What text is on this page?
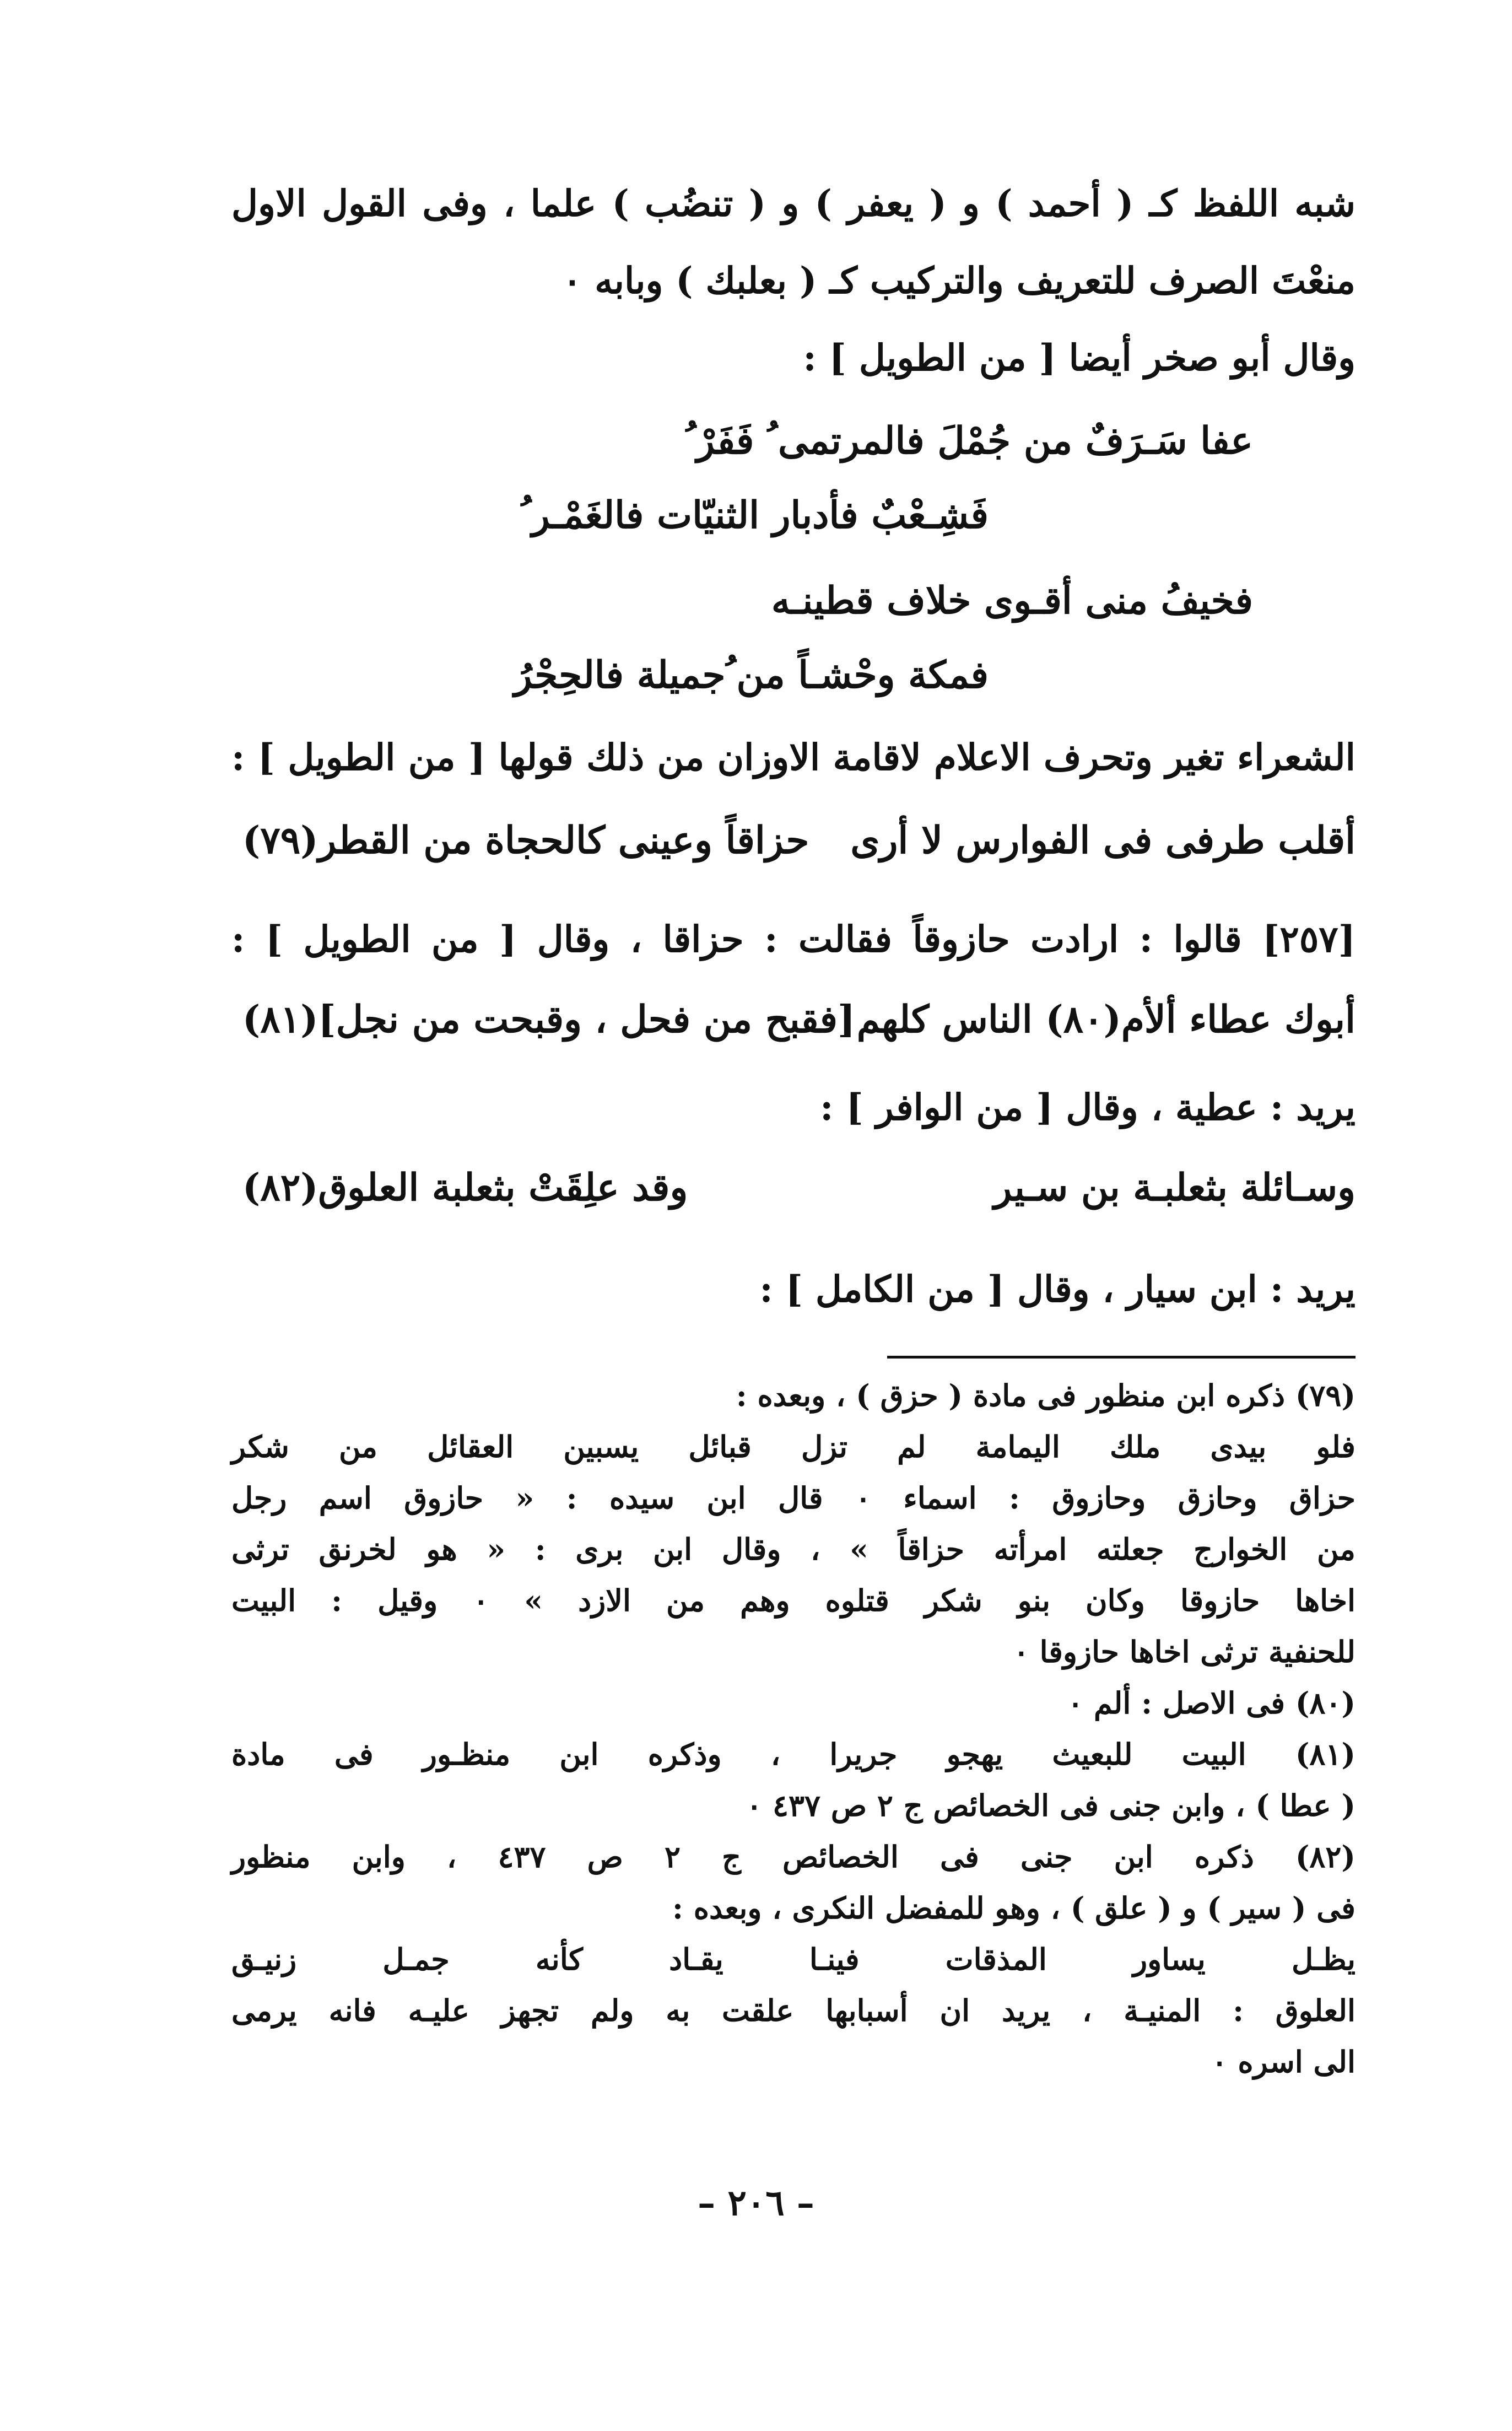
شبه اللفظ كـ ( أحمد ) و ( يعفر ) و ( تنضُب ) علما ، وفى القول الاول
منعْتَ الصرف للتعريف والتركيب كـ ( بعلبك ) وبابه ٠
وقال أبو صخر أيضا [ من الطويل ] :
عفا سَـرَفٌ من جُمْلَ فالمرتمى ُ فَفَرْ ُ
فَشِـعْبٌ فأدبار الثنيّات فالغَمْـر ُ
فخيفُ منى أقـوى خلاف قطينـه
فمكة وحْشـاً من ُجميلة فالحِجْرُ
الشعراء تغير وتحرف الاعلام لاقامة الاوزان من ذلك قولها [ من الطويل ] :
أقلب طرفى فى الفوارس لا أرى
حزاقاً وعينى كالحجاة من القطر(٧٩)
[٢٥٧] قالوا : ارادت حازوقاً فقالت : حزاقا ، وقال [ من الطويل ] :
أبوك عطاء ألأم(٨٠) الناس كلهم
[فقبح من فحل ، وقبحت من نجل](٨١)
يريد : عطية ، وقال [ من الوافر ] :
وسـائلة بثعلبـة بن سـير
وقد علِقَتْ بثعلبة العلوق(٨٢)
يريد : ابن سيار ، وقال [ من الكامل ] :
(٧٩) ذكره ابن منظور فى مادة ( حزق ) ، وبعده :
فلو بيدى ملك اليمامة لم تزل قبائل يسبين العقائل من شكر
حزاق وحازق وحازوق : اسماء ٠ قال ابن سيده : « حازوق اسم رجل
من الخوارج جعلته امرأته حزاقاً » ، وقال ابن برى : « هو لخرنق ترثى
اخاها حازوقا وكان بنو شكر قتلوه وهم من الازد » ٠ وقيل : البيت
للحنفية ترثى اخاها حازوقا ٠
(٨٠) فى الاصل : ألم ٠
(٨١) البيت للبعيث يهجو جريرا ، وذكره ابن منظـور فى مادة
( عطا ) ، وابن جنى فى الخصائص ج ٢ ص ٤٣٧ ٠
(٨٢) ذكره ابن جنى فى الخصائص ج ٢ ص ٤٣٧ ، وابن منظور
فى ( سير ) و ( علق ) ، وهو للمفضل النكرى ، وبعده :
يظـل يساور المذقات فينـا يقـاد كأنه جمـل زنيـق
العلوق : المنيـة ، يريد ان أسبابها علقت به ولم تجهز عليـه فانه يرمى
الى اسره ٠
– ٢٠٦ –
